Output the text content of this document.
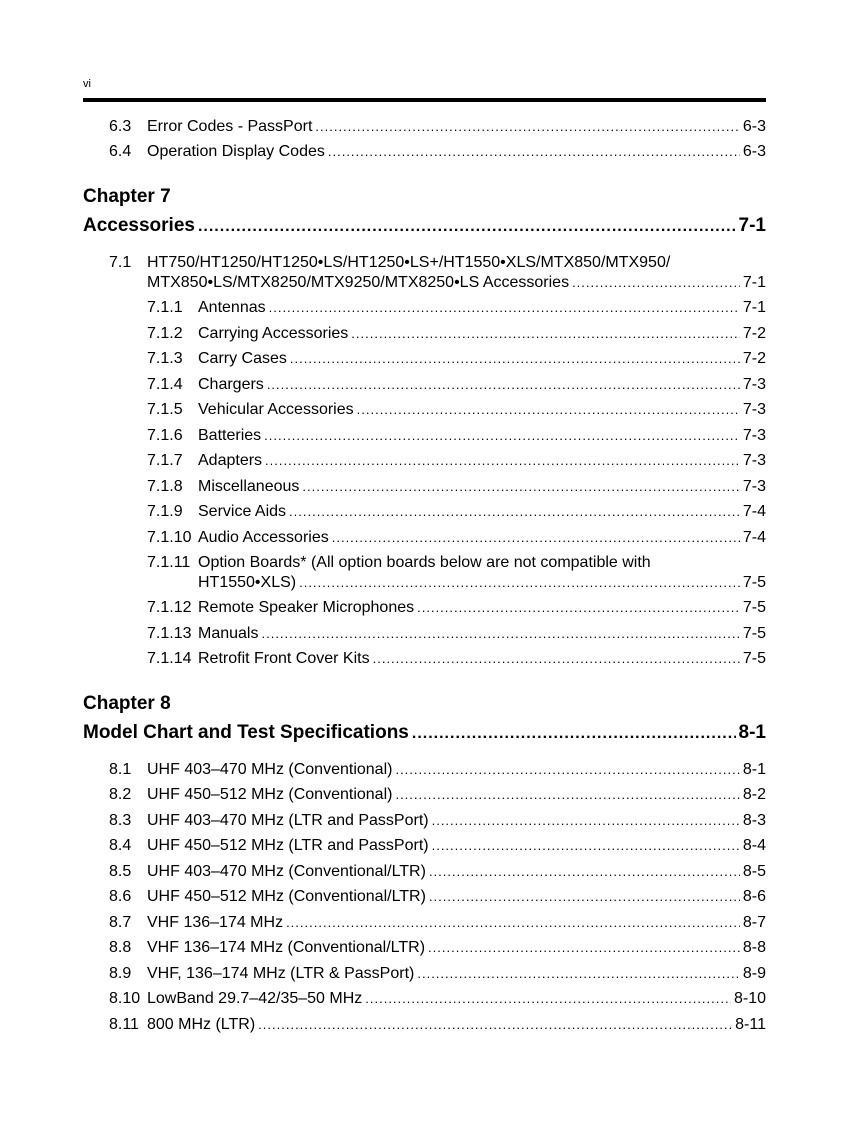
vi
6.3 Error Codes - PassPort .....	6-3
6.4 Operation Display Codes .....	6-3
Chapter 7
Accessories .....	7-1
7.1 HT750/HT1250/HT1250•LS/HT1250•LS+/HT1550•XLS/MTX850/MTX950/
MTX850•LS/MTX8250/MTX9250/MTX8250•LS Accessories .....	7-1
7.1.1 Antennas .....	7-1
7.1.2 Carrying Accessories .....	7-2
7.1.3 Carry Cases .....	7-2
7.1.4 Chargers .....	7-3
7.1.5 Vehicular Accessories .....	7-3
7.1.6 Batteries .....	7-3
7.1.7 Adapters .....	7-3
7.1.8 Miscellaneous .....	7-3
7.1.9 Service Aids .....	7-4
7.1.10 Audio Accessories .....	7-4
7.1.11 Option Boards* (All option boards below are not compatible with
HT1550•XLS) .....	7-5
7.1.12 Remote Speaker Microphones .....	7-5
7.1.13 Manuals .....	7-5
7.1.14 Retrofit Front Cover Kits .....	7-5
Chapter 8
Model Chart and Test Specifications .....	8-1
8.1 UHF 403–470 MHz (Conventional) .....	8-1
8.2 UHF 450–512 MHz (Conventional) .....	8-2
8.3 UHF 403–470 MHz (LTR and PassPort) .....	8-3
8.4 UHF 450–512 MHz (LTR and PassPort) .....	8-4
8.5 UHF 403–470 MHz (Conventional/LTR) .....	8-5
8.6 UHF 450–512 MHz (Conventional/LTR) .....	8-6
8.7 VHF 136–174 MHz .....	8-7
8.8 VHF 136–174 MHz (Conventional/LTR) .....	8-8
8.9 VHF, 136–174 MHz (LTR & PassPort) .....	8-9
8.10 LowBand 29.7–42/35–50 MHz .....	8-10
8.11 800 MHz (LTR) .....	8-11
